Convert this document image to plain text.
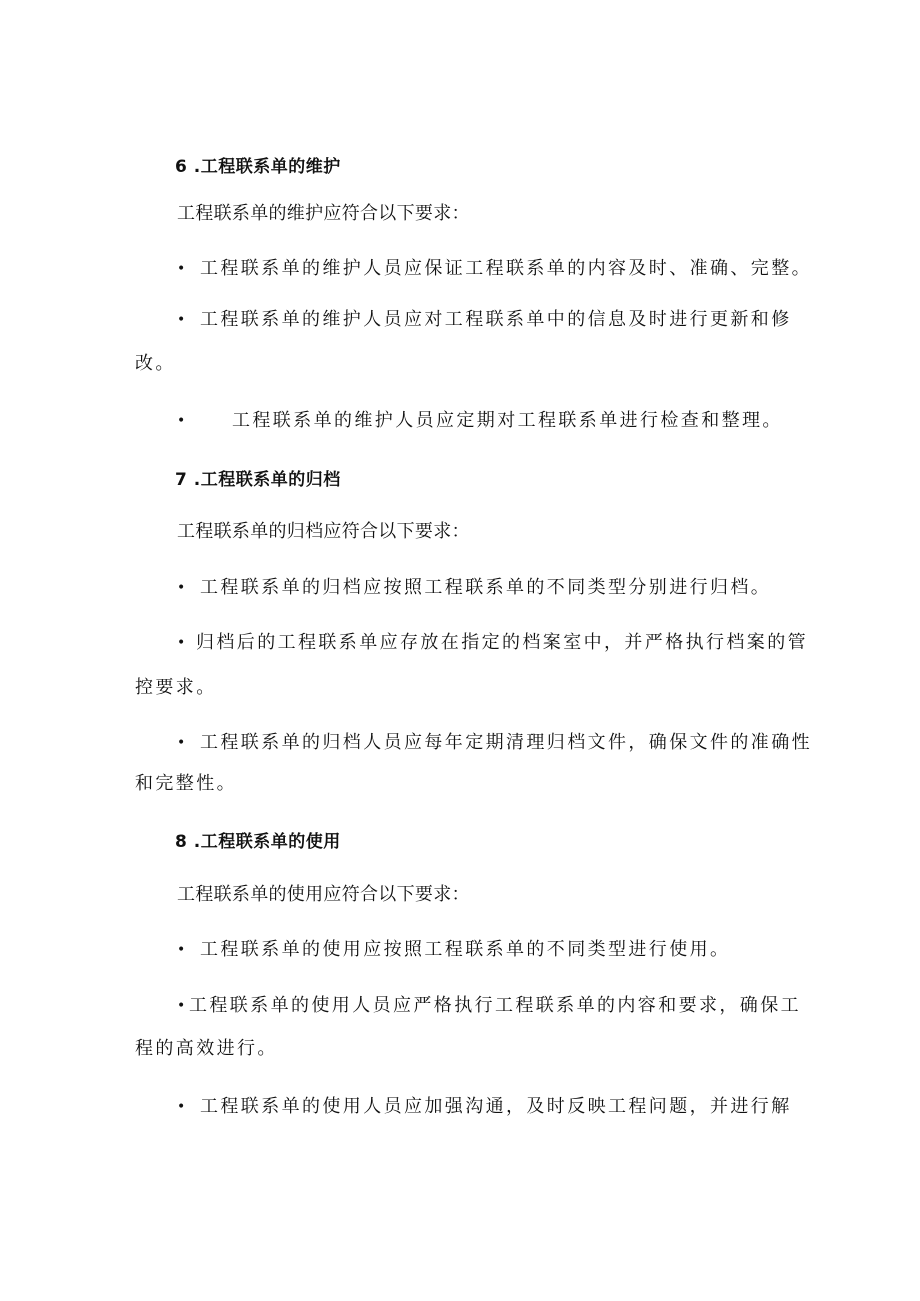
6 .工程联系单的维护
工程联系单的维护应符合以下要求：
• 工程联系单的维护人员应保证工程联系单的内容及时、准确、完整。
• 工程联系单的维护人员应对工程联系单中的信息及时进行更新和修
改。
•	工程联系单的维护人员应定期对工程联系单进行检查和整理。
7 .工程联系单的归档
工程联系单的归档应符合以下要求：
• 工程联系单的归档应按照工程联系单的不同类型分别进行归档。
• 归档后的工程联系单应存放在指定的档案室中，并严格执行档案的管
控要求。
• 工程联系单的归档人员应每年定期清理归档文件，确保文件的准确性
和完整性。
8 .工程联系单的使用
工程联系单的使用应符合以下要求：
• 工程联系单的使用应按照工程联系单的不同类型进行使用。
• 工程联系单的使用人员应严格执行工程联系单的内容和要求，确保工
程的高效进行。
• 工程联系单的使用人员应加强沟通，及时反映工程问题，并进行解
